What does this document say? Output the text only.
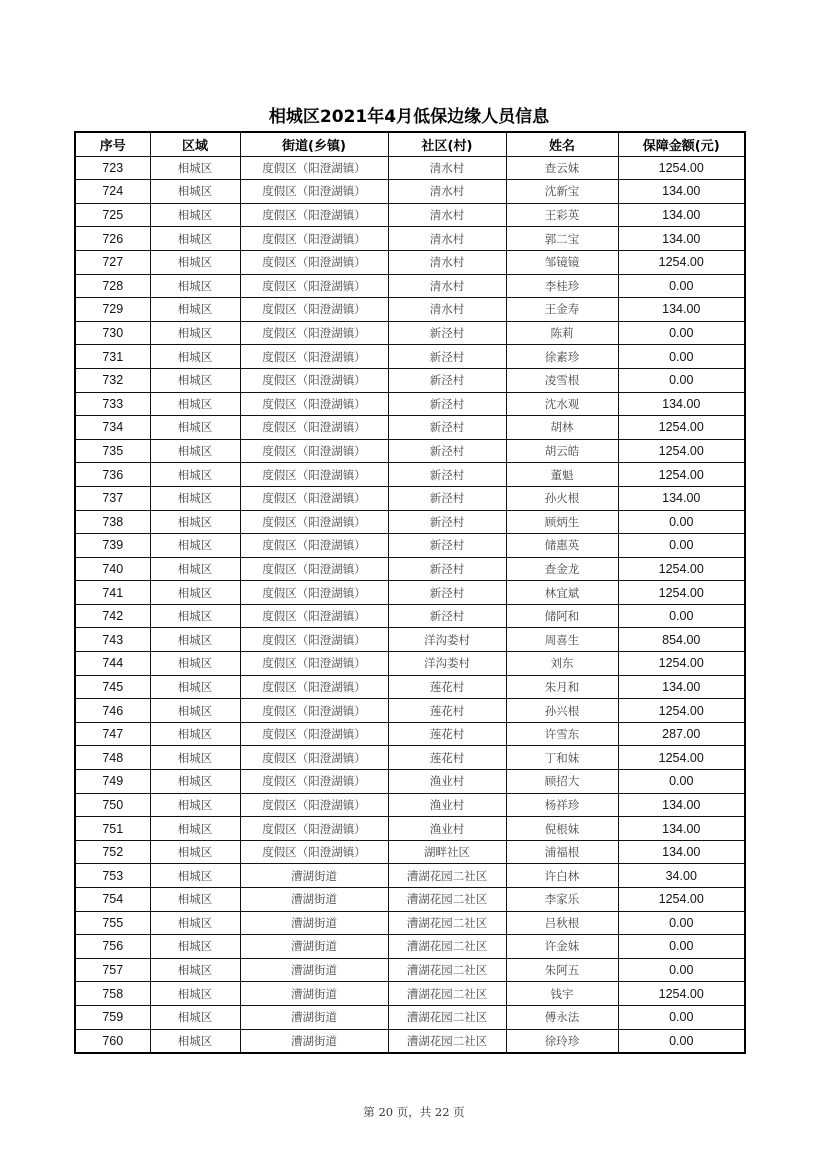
相城区2021年4月低保边缘人员信息
序号	区域	街道(乡镇)	社区(村)	姓名	保障金额(元)
723	相城区	度假区（阳澄湖镇）	清水村	查云妹	1254.00
724	相城区	度假区（阳澄湖镇）	清水村	沈新宝	134.00
725	相城区	度假区（阳澄湖镇）	清水村	王彩英	134.00
726	相城区	度假区（阳澄湖镇）	清水村	郭二宝	134.00
727	相城区	度假区（阳澄湖镇）	清水村	邹镜镜	1254.00
728	相城区	度假区（阳澄湖镇）	清水村	李桂珍	0.00
729	相城区	度假区（阳澄湖镇）	清水村	王金寿	134.00
730	相城区	度假区（阳澄湖镇）	新泾村	陈莉	0.00
731	相城区	度假区（阳澄湖镇）	新泾村	徐素珍	0.00
732	相城区	度假区（阳澄湖镇）	新泾村	凌雪根	0.00
733	相城区	度假区（阳澄湖镇）	新泾村	沈水观	134.00
734	相城区	度假区（阳澄湖镇）	新泾村	胡林	1254.00
735	相城区	度假区（阳澄湖镇）	新泾村	胡云皓	1254.00
736	相城区	度假区（阳澄湖镇）	新泾村	董魁	1254.00
737	相城区	度假区（阳澄湖镇）	新泾村	孙火根	134.00
738	相城区	度假区（阳澄湖镇）	新泾村	顾炳生	0.00
739	相城区	度假区（阳澄湖镇）	新泾村	储惠英	0.00
740	相城区	度假区（阳澄湖镇）	新泾村	查金龙	1254.00
741	相城区	度假区（阳澄湖镇）	新泾村	林宜斌	1254.00
742	相城区	度假区（阳澄湖镇）	新泾村	储阿和	0.00
743	相城区	度假区（阳澄湖镇）	洋沟娄村	周喜生	854.00
744	相城区	度假区（阳澄湖镇）	洋沟娄村	刘东	1254.00
745	相城区	度假区（阳澄湖镇）	莲花村	朱月和	134.00
746	相城区	度假区（阳澄湖镇）	莲花村	孙兴根	1254.00
747	相城区	度假区（阳澄湖镇）	莲花村	许雪东	287.00
748	相城区	度假区（阳澄湖镇）	莲花村	丁和妹	1254.00
749	相城区	度假区（阳澄湖镇）	渔业村	顾招大	0.00
750	相城区	度假区（阳澄湖镇）	渔业村	杨祥珍	134.00
751	相城区	度假区（阳澄湖镇）	渔业村	倪根妹	134.00
752	相城区	度假区（阳澄湖镇）	湖畔社区	浦福根	134.00
753	相城区	漕湖街道	漕湖花园二社区	许白林	34.00
754	相城区	漕湖街道	漕湖花园二社区	李家乐	1254.00
755	相城区	漕湖街道	漕湖花园二社区	吕秋根	0.00
756	相城区	漕湖街道	漕湖花园二社区	许金妹	0.00
757	相城区	漕湖街道	漕湖花园二社区	朱阿五	0.00
758	相城区	漕湖街道	漕湖花园二社区	钱宇	1254.00
759	相城区	漕湖街道	漕湖花园二社区	傅永法	0.00
760	相城区	漕湖街道	漕湖花园二社区	徐玲珍	0.00
第 20 页，共 22 页
